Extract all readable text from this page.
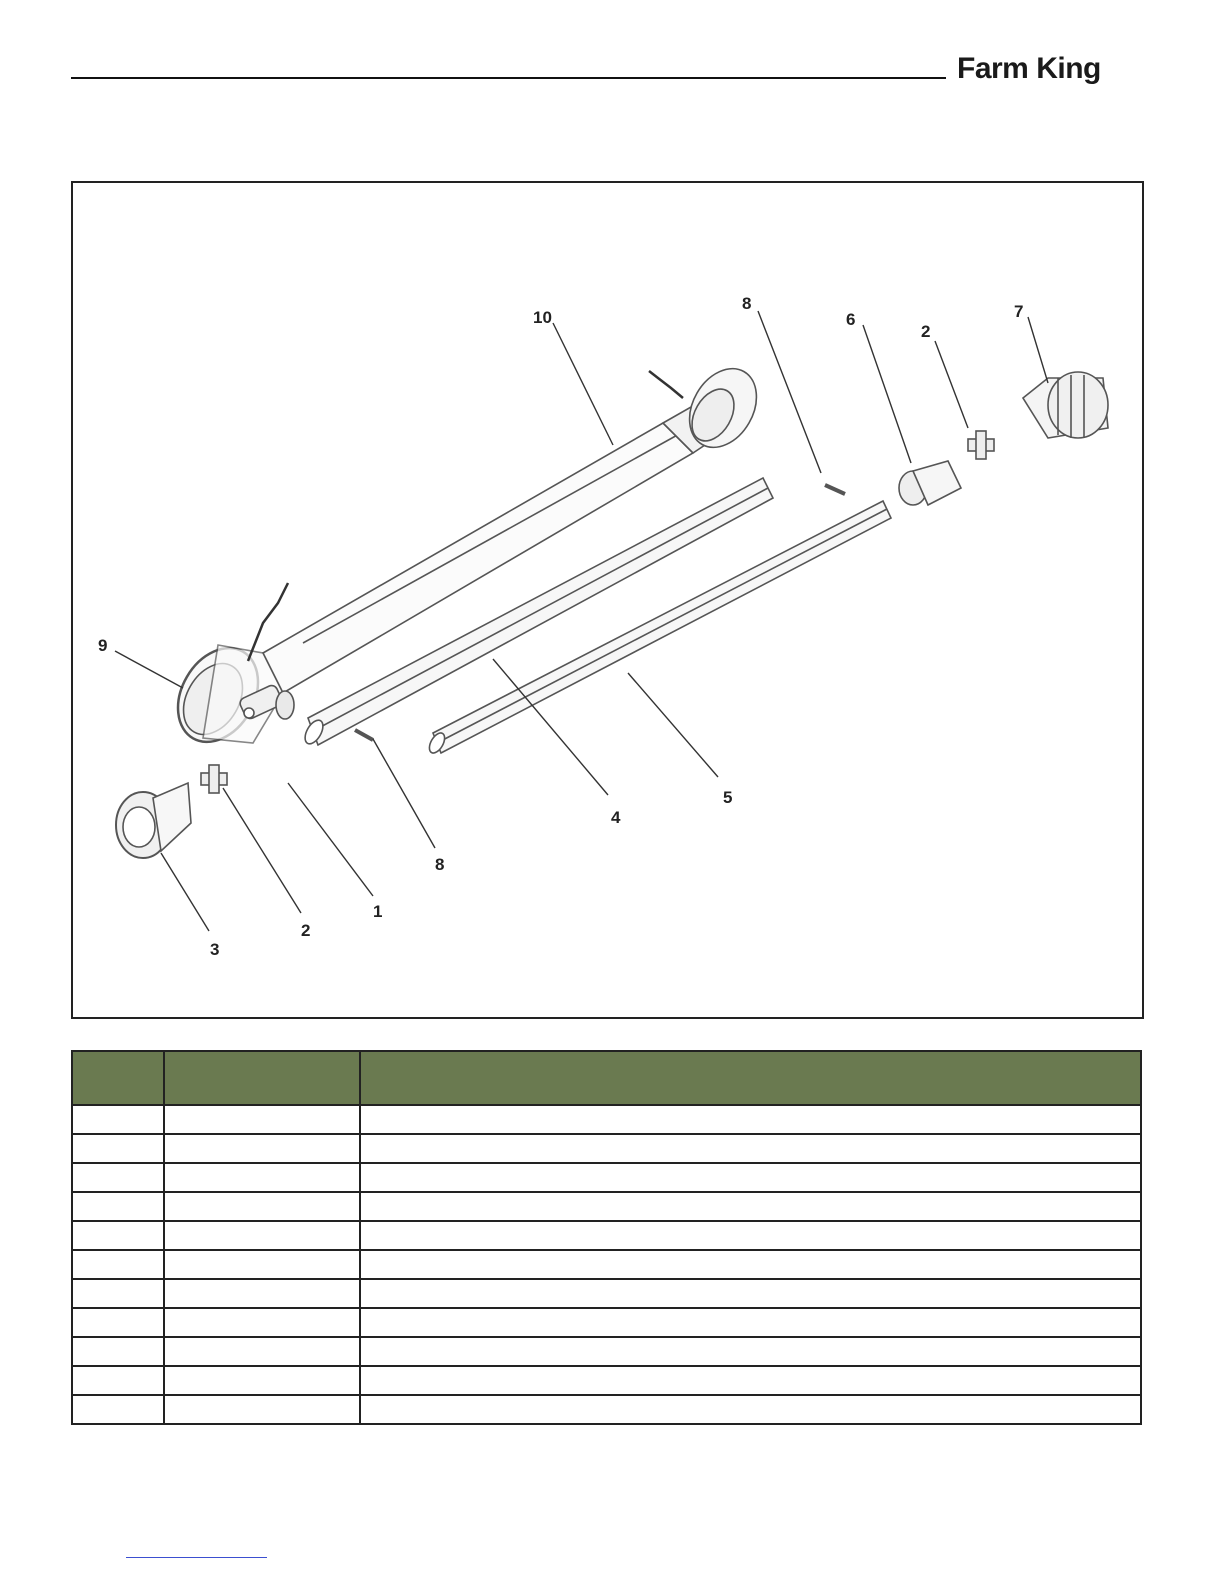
Farm King
10
8
6
2
7
9
4
5
8
1
2
3
